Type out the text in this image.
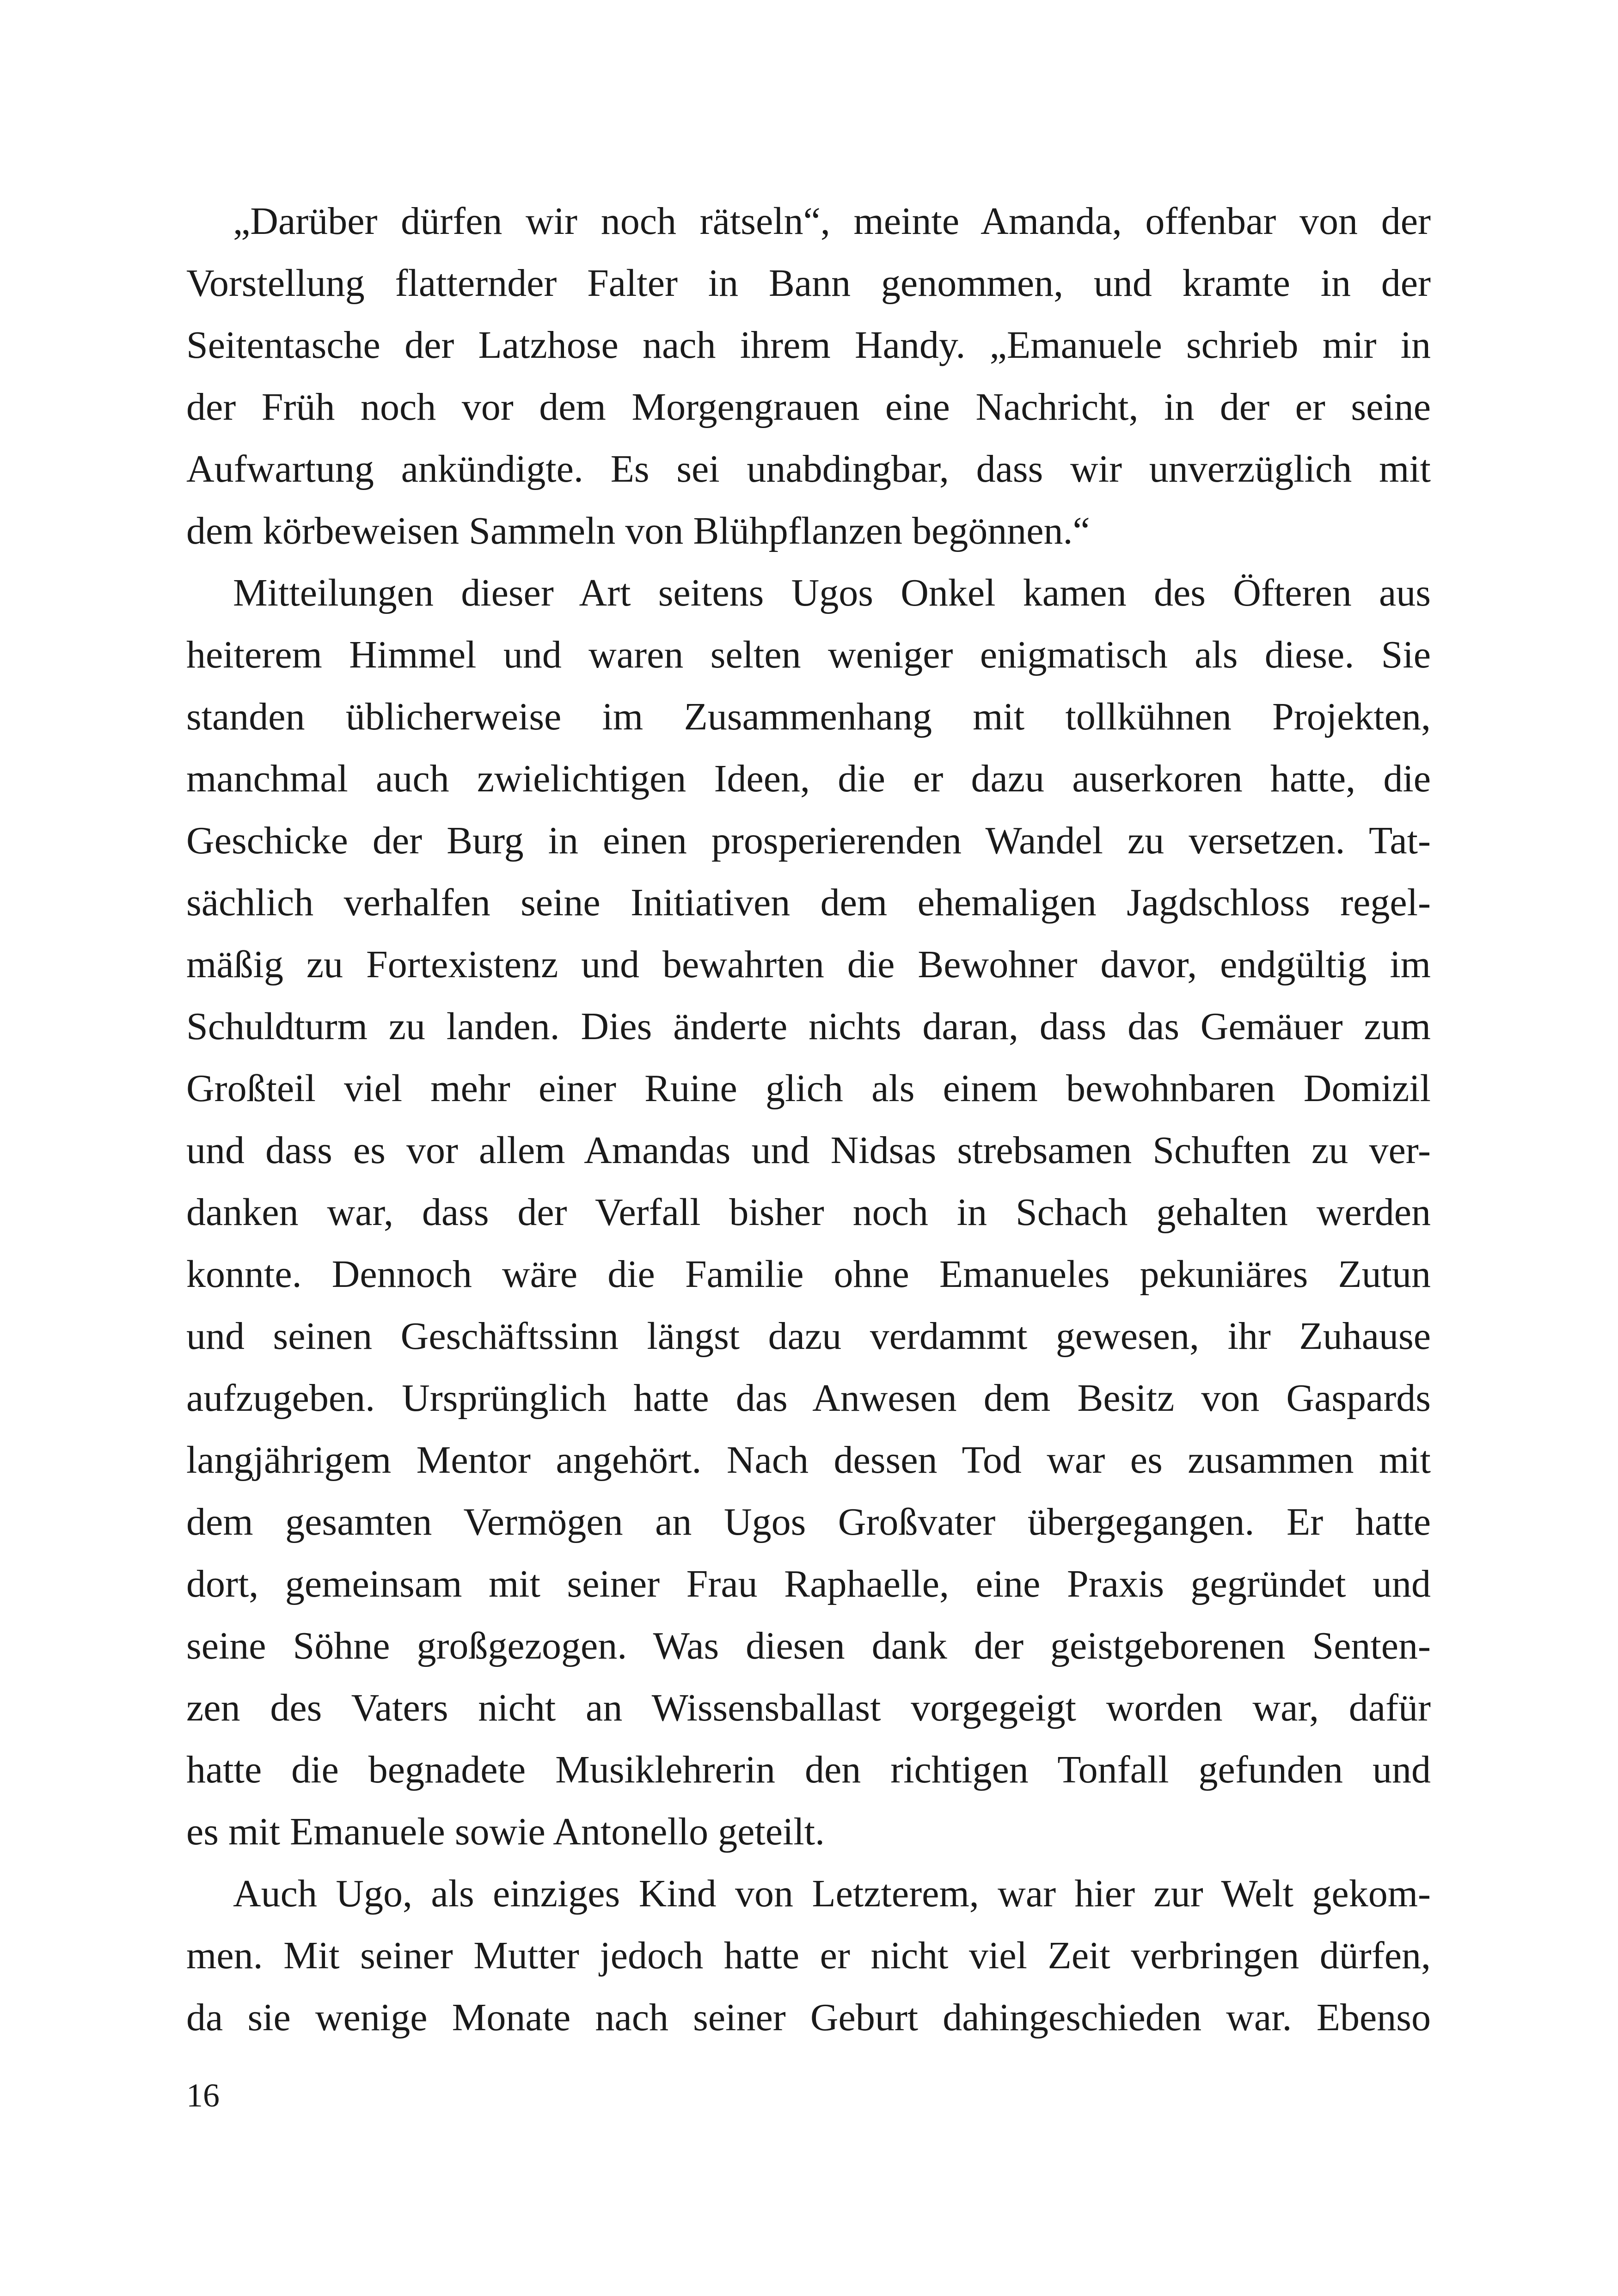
„Darüber dürfen wir noch rätseln“, meinte Amanda, offenbar von der
Vorstellung flatternder Falter in Bann genommen, und kramte in der
Seitentasche der Latzhose nach ihrem Handy. „Emanuele schrieb mir in
der Früh noch vor dem Morgengrauen eine Nachricht, in der er seine
Aufwartung ankündigte. Es sei unabdingbar, dass wir unverzüglich mit
dem körbeweisen Sammeln von Blühpflanzen begönnen.“
Mitteilungen dieser Art seitens Ugos Onkel kamen des Öfteren aus
heiterem Himmel und waren selten weniger enigmatisch als diese. Sie
standen üblicherweise im Zusammenhang mit tollkühnen Projekten,
manchmal auch zwielichtigen Ideen, die er dazu auserkoren hatte, die
Geschicke der Burg in einen prosperierenden Wandel zu versetzen. Tat-
sächlich verhalfen seine Initiativen dem ehemaligen Jagdschloss regel-
mäßig zu Fortexistenz und bewahrten die Bewohner davor, endgültig im
Schuldturm zu landen. Dies änderte nichts daran, dass das Gemäuer zum
Großteil viel mehr einer Ruine glich als einem bewohnbaren Domizil
und dass es vor allem Amandas und Nidsas strebsamen Schuften zu ver-
danken war, dass der Verfall bisher noch in Schach gehalten werden
konnte. Dennoch wäre die Familie ohne Emanueles pekuniäres Zutun
und seinen Geschäftssinn längst dazu verdammt gewesen, ihr Zuhause
aufzugeben. Ursprünglich hatte das Anwesen dem Besitz von Gaspards
langjährigem Mentor angehört. Nach dessen Tod war es zusammen mit
dem gesamten Vermögen an Ugos Großvater übergegangen. Er hatte
dort, gemeinsam mit seiner Frau Raphaelle, eine Praxis gegründet und
seine Söhne großgezogen. Was diesen dank der geistgeborenen Senten-
zen des Vaters nicht an Wissensballast vorgegeigt worden war, dafür
hatte die begnadete Musiklehrerin den richtigen Tonfall gefunden und
es mit Emanuele sowie Antonello geteilt.
Auch Ugo, als einziges Kind von Letzterem, war hier zur Welt gekom-
men. Mit seiner Mutter jedoch hatte er nicht viel Zeit verbringen dürfen,
da sie wenige Monate nach seiner Geburt dahingeschieden war. Ebenso
16
